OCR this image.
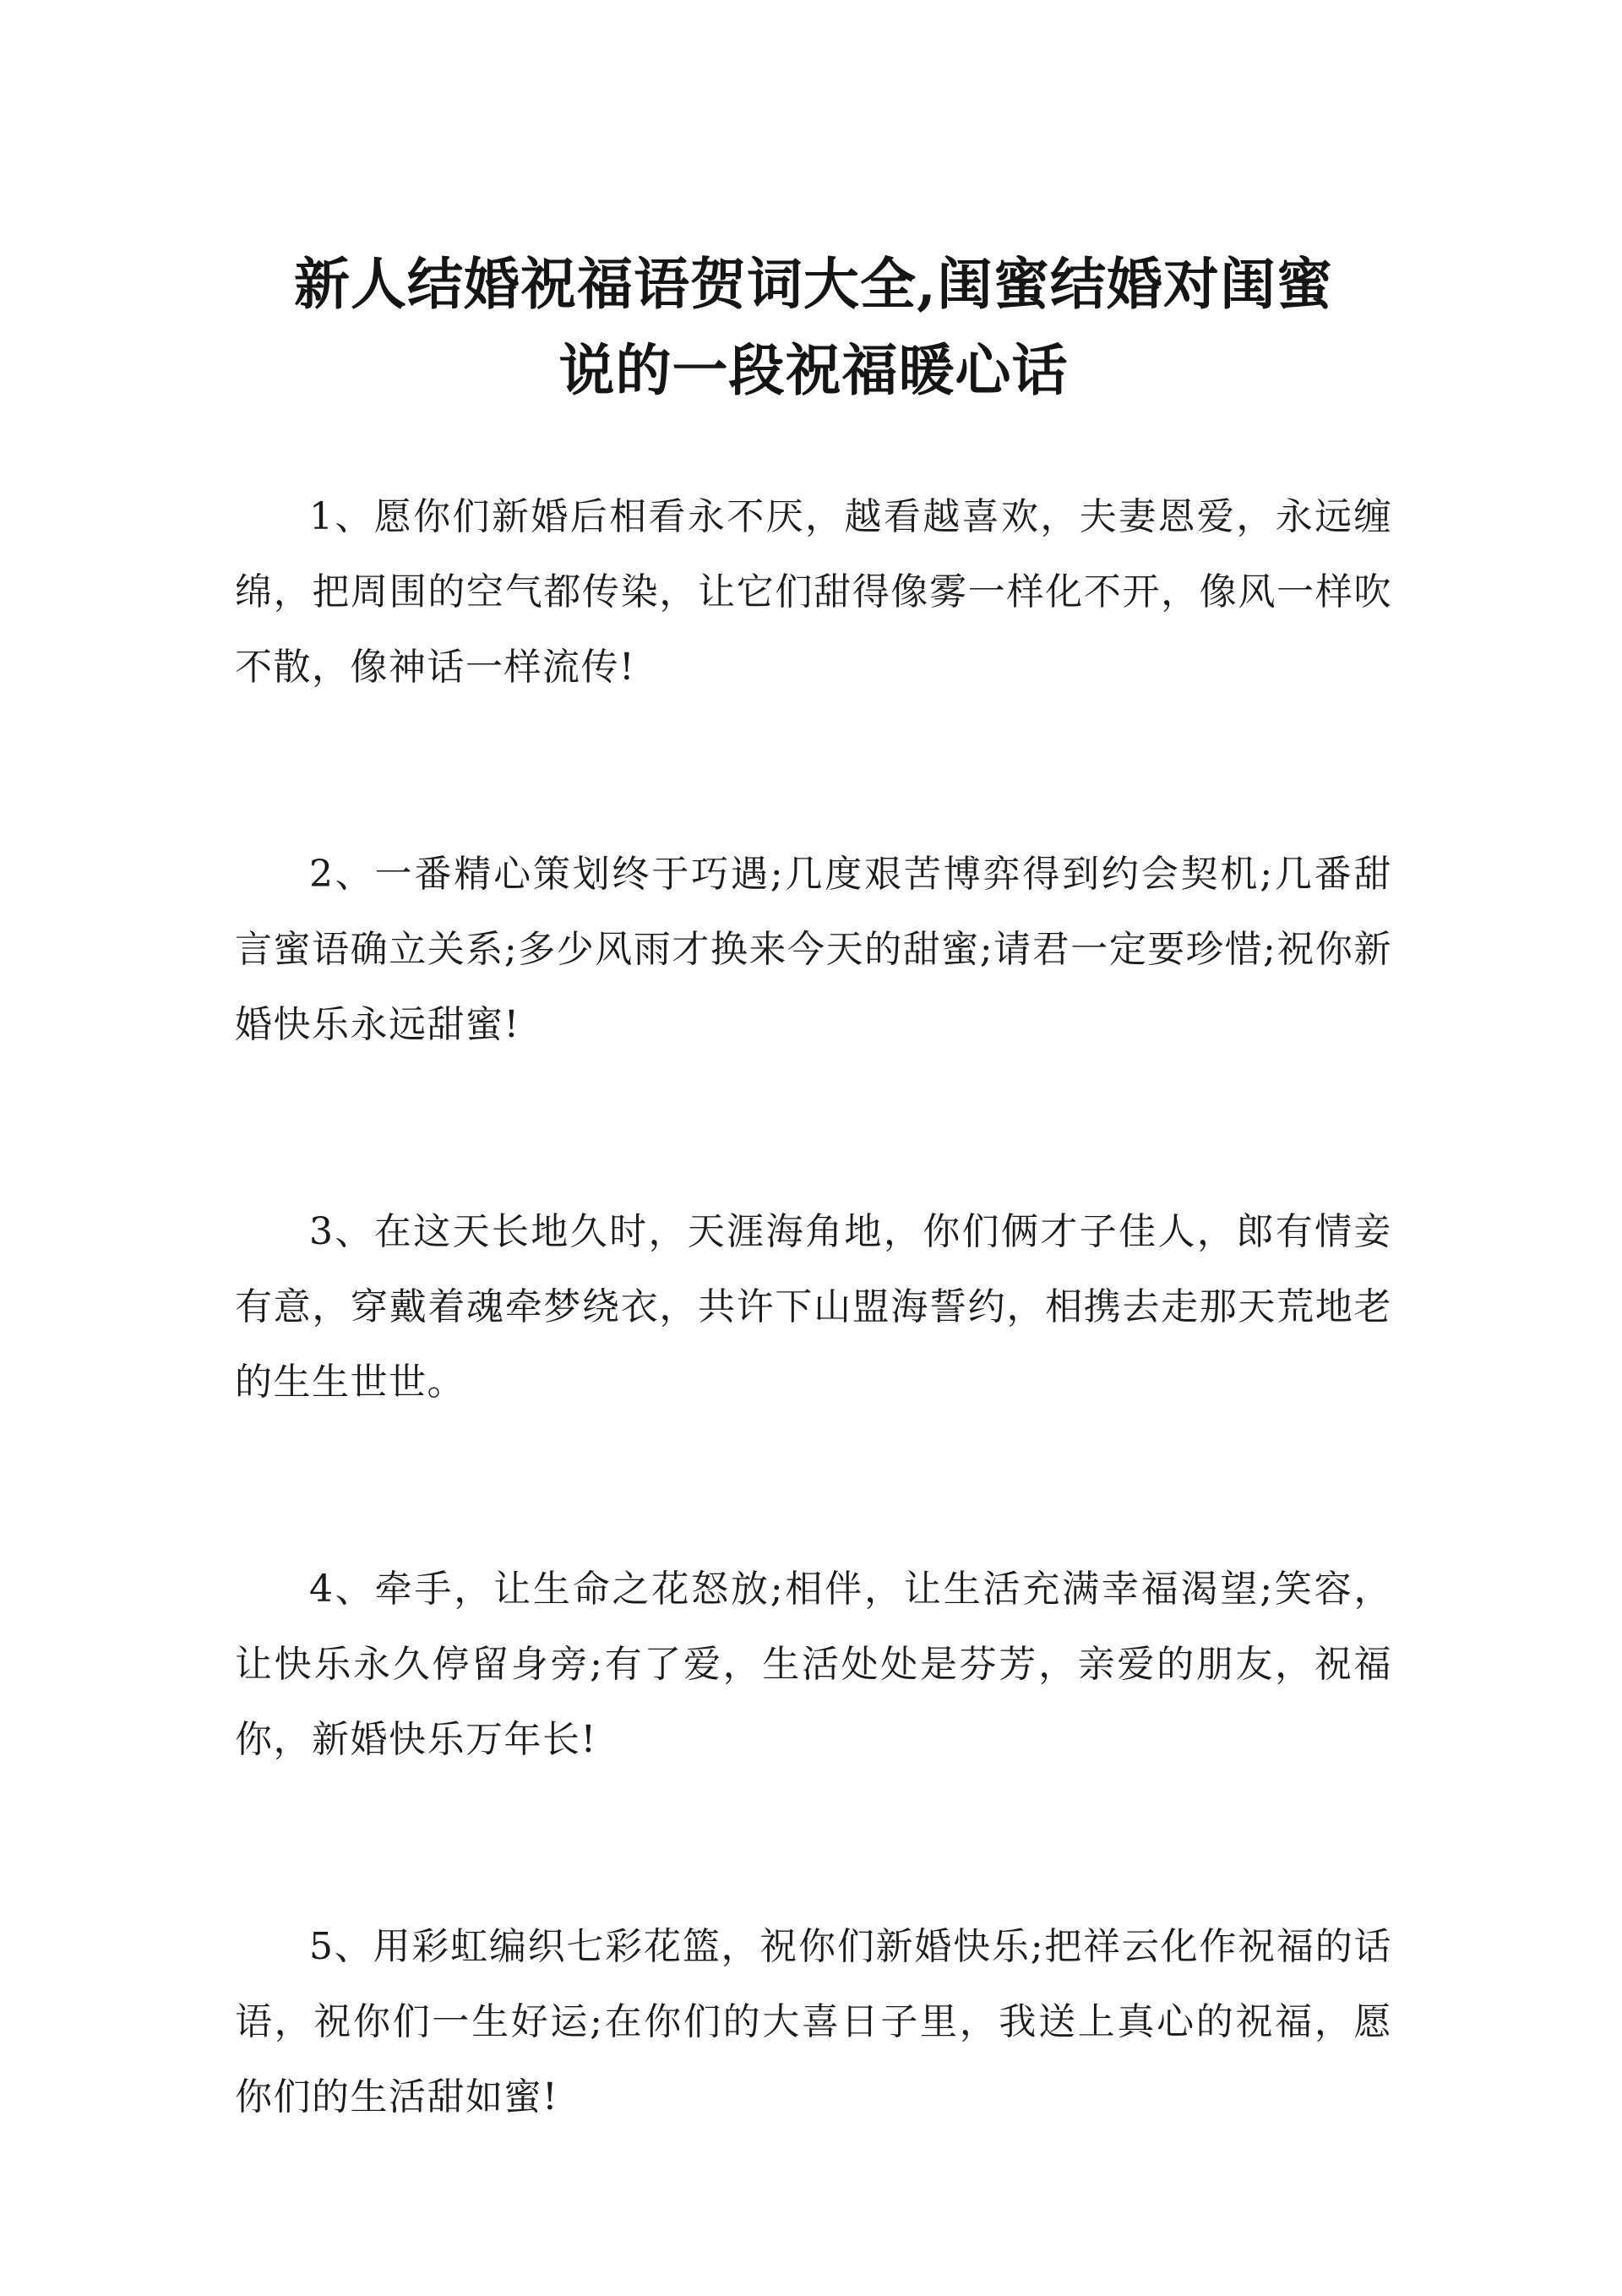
新人结婚祝福语贺词大全,闺蜜结婚对闺蜜
说的一段祝福暖心话

1、愿你们新婚后相看永不厌，越看越喜欢，夫妻恩爱，永远缠绵，把周围的空气都传染，让它们甜得像雾一样化不开，像风一样吹不散，像神话一样流传!

2、一番精心策划终于巧遇;几度艰苦博弈得到约会契机;几番甜言蜜语确立关系;多少风雨才换来今天的甜蜜;请君一定要珍惜;祝你新婚快乐永远甜蜜!

3、在这天长地久时，天涯海角地，你们俩才子佳人，郎有情妾有意，穿戴着魂牵梦绕衣，共许下山盟海誓约，相携去走那天荒地老的生生世世。

4、牵手，让生命之花怒放;相伴，让生活充满幸福渴望;笑容，让快乐永久停留身旁;有了爱，生活处处是芬芳，亲爱的朋友，祝福你，新婚快乐万年长!

5、用彩虹编织七彩花篮，祝你们新婚快乐;把祥云化作祝福的话语，祝你们一生好运;在你们的大喜日子里，我送上真心的祝福，愿你们的生活甜如蜜!
